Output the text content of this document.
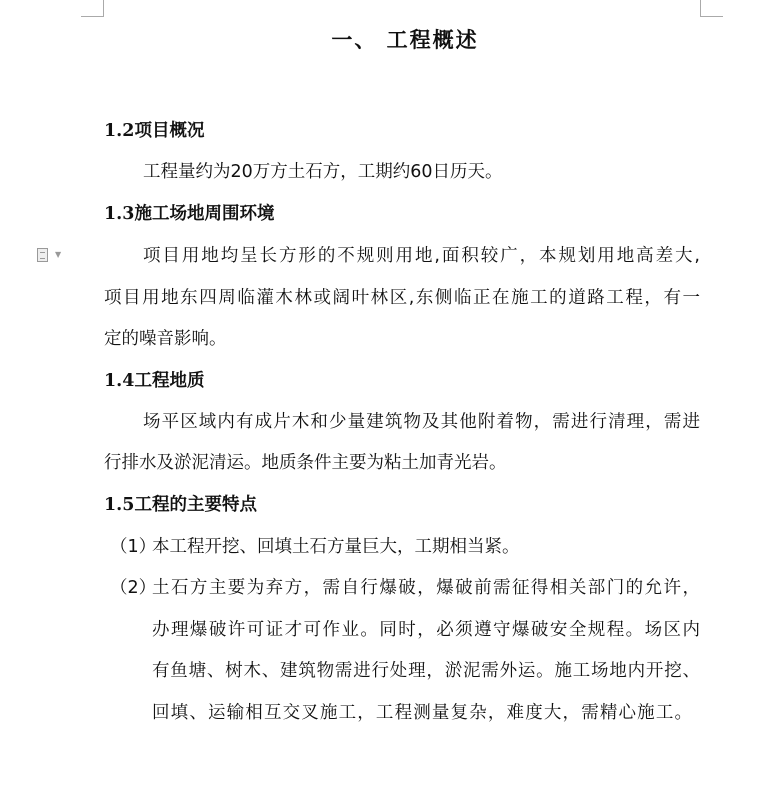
▼
一、 工程概述
1.2项目概况
工程量约为20万方土石方，工期约60日历天。
1.3施工场地周围环境
项目用地均呈长方形的不规则用地,面积较广，本规划用地高差大,
项目用地东四周临灌木林或阔叶林区,东侧临正在施工的道路工程，有一
定的噪音影响。
1.4工程地质
场平区域内有成片木和少量建筑物及其他附着物，需进行清理，需进
行排水及淤泥清运。地质条件主要为粘土加青光岩。
1.5工程的主要特点
（1）
本工程开挖、回填土石方量巨大，工期相当紧。
（2）
土石方主要为弃方，需自行爆破，爆破前需征得相关部门的允许，
办理爆破许可证才可作业。同时，必须遵守爆破安全规程。场区内
有鱼塘、树木、建筑物需进行处理，淤泥需外运。施工场地内开挖、
回填、运输相互交叉施工，工程测量复杂，难度大，需精心施工。
